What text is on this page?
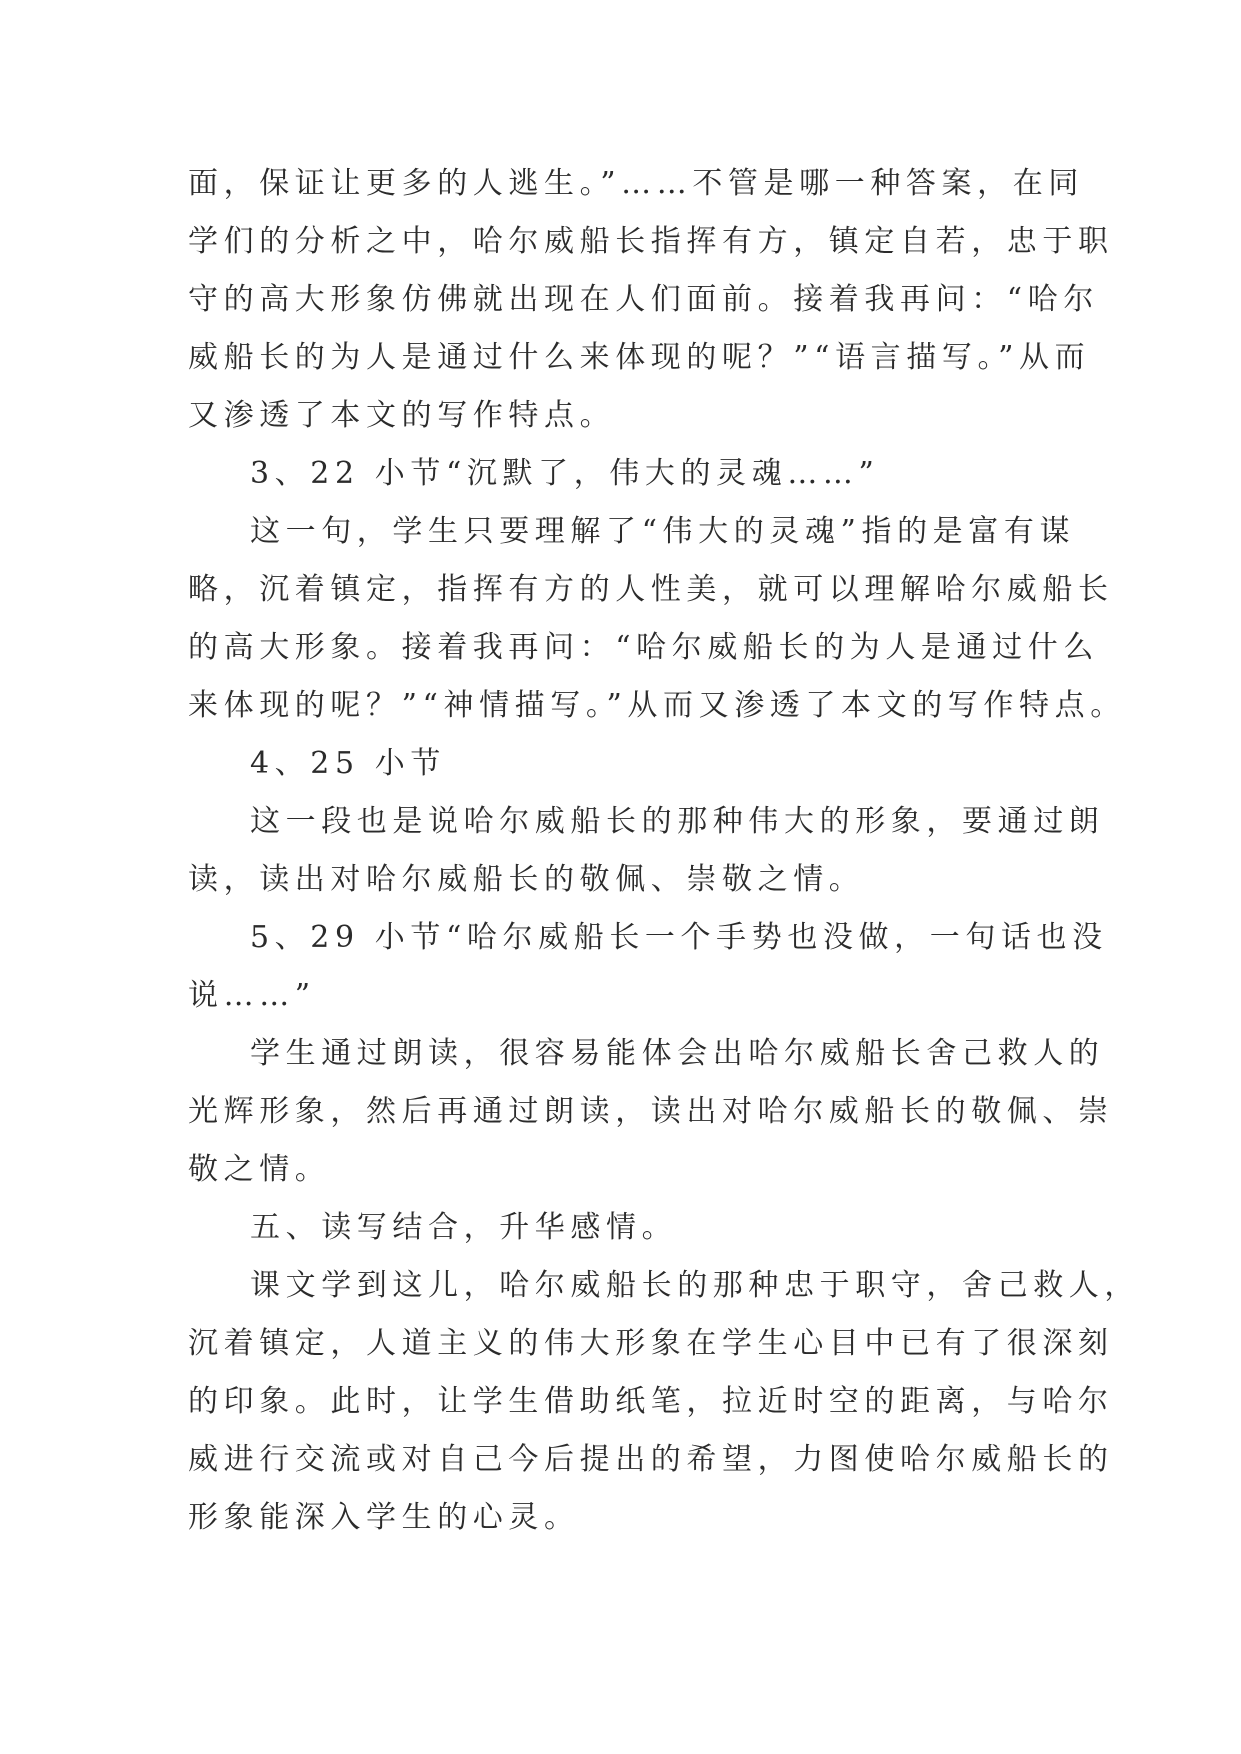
面，保证让更多的人逃生。”……不管是哪一种答案，在同
学们的分析之中，哈尔威船长指挥有方，镇定自若，忠于职
守的高大形象仿佛就出现在人们面前。接着我再问：“哈尔
威船长的为人是通过什么来体现的呢？”“语言描写。”从而
又渗透了本文的写作特点。
3、22 小节“沉默了，伟大的灵魂……”
这一句，学生只要理解了“伟大的灵魂”指的是富有谋
略，沉着镇定，指挥有方的人性美，就可以理解哈尔威船长
的高大形象。接着我再问：“哈尔威船长的为人是通过什么
来体现的呢？”“神情描写。”从而又渗透了本文的写作特点。
4、25 小节
这一段也是说哈尔威船长的那种伟大的形象，要通过朗
读，读出对哈尔威船长的敬佩、崇敬之情。
5、29 小节“哈尔威船长一个手势也没做，一句话也没
说……”
学生通过朗读，很容易能体会出哈尔威船长舍己救人的
光辉形象，然后再通过朗读，读出对哈尔威船长的敬佩、崇
敬之情。
五、读写结合，升华感情。
课文学到这儿，哈尔威船长的那种忠于职守，舍己救人，
沉着镇定，人道主义的伟大形象在学生心目中已有了很深刻
的印象。此时，让学生借助纸笔，拉近时空的距离，与哈尔
威进行交流或对自己今后提出的希望，力图使哈尔威船长的
形象能深入学生的心灵。
